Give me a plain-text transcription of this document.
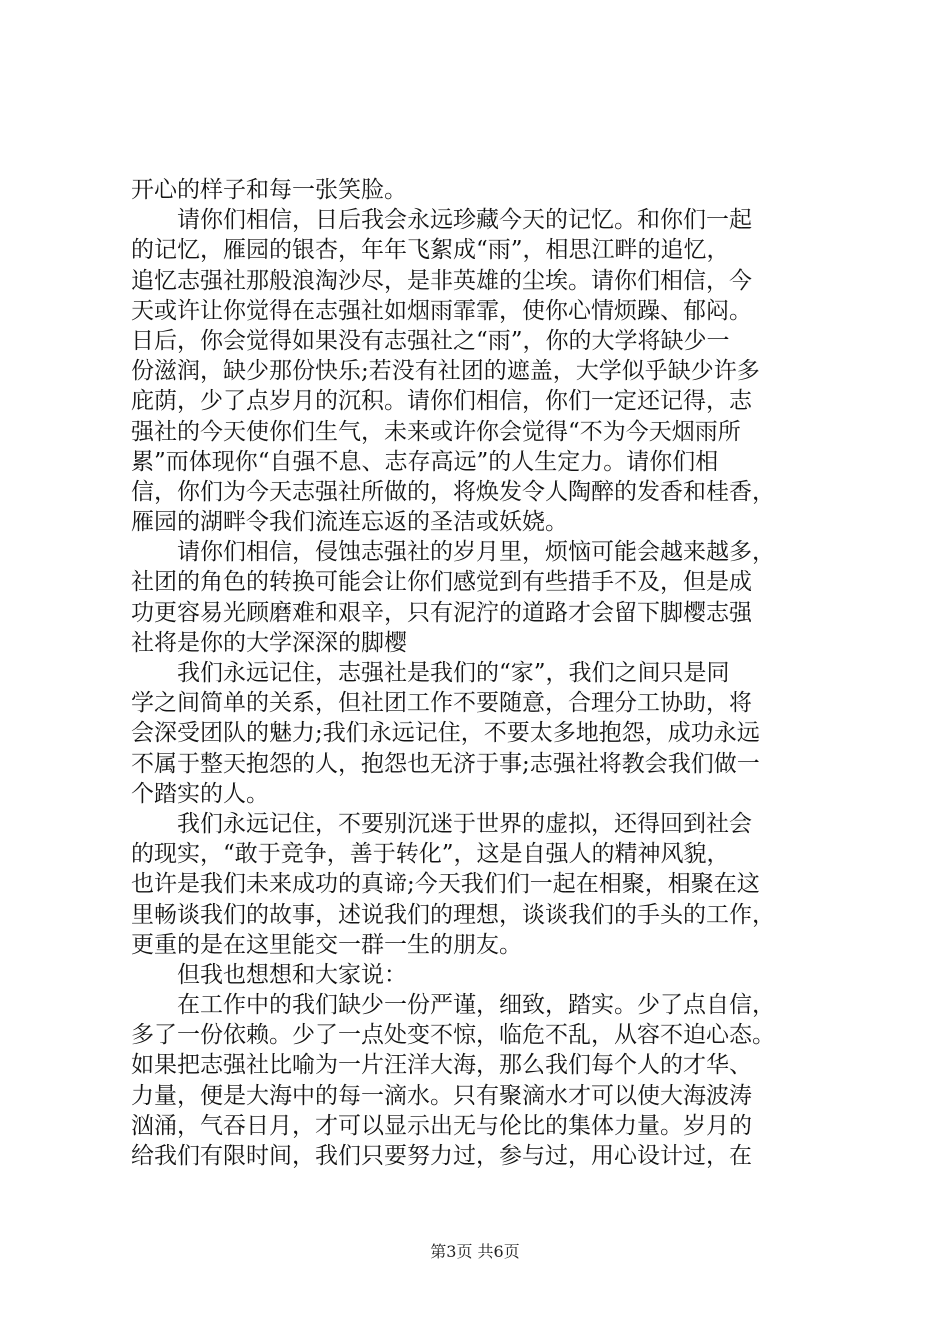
开心的样子和每一张笑脸。
请你们相信，日后我会永远珍藏今天的记忆。和你们一起
的记忆，雁园的银杏，年年飞絮成“雨”，相思江畔的追忆，
追忆志强社那般浪淘沙尽，是非英雄的尘埃。请你们相信，今
天或许让你觉得在志强社如烟雨霏霏，使你心情烦躁、郁闷。
日后，你会觉得如果没有志强社之“雨”，你的大学将缺少一
份滋润，缺少那份快乐;若没有社团的遮盖，大学似乎缺少许多
庇荫，少了点岁月的沉积。请你们相信，你们一定还记得，志
强社的今天使你们生气，未来或许你会觉得“不为今天烟雨所
累”而体现你“自强不息、志存高远”的人生定力。请你们相
信，你们为今天志强社所做的，将焕发令人陶醉的发香和桂香，
雁园的湖畔令我们流连忘返的圣洁或妖娆。
请你们相信，侵蚀志强社的岁月里，烦恼可能会越来越多，
社团的角色的转换可能会让你们感觉到有些措手不及，但是成
功更容易光顾磨难和艰辛，只有泥泞的道路才会留下脚樱志强
社将是你的大学深深的脚樱
我们永远记住，志强社是我们的“家”，我们之间只是同
学之间简单的关系，但社团工作不要随意，合理分工协助，将
会深受团队的魅力;我们永远记住，不要太多地抱怨，成功永远
不属于整天抱怨的人，抱怨也无济于事;志强社将教会我们做一
个踏实的人。
我们永远记住，不要别沉迷于世界的虚拟，还得回到社会
的现实，“敢于竞争，善于转化”，这是自强人的精神风貌，
也许是我们未来成功的真谛;今天我们们一起在相聚，相聚在这
里畅谈我们的故事，述说我们的理想，谈谈我们的手头的工作，
更重的是在这里能交一群一生的朋友。
但我也想想和大家说：
在工作中的我们缺少一份严谨，细致，踏实。少了点自信，
多了一份依赖。少了一点处变不惊，临危不乱，从容不迫心态。
如果把志强社比喻为一片汪洋大海，那么我们每个人的才华、
力量，便是大海中的每一滴水。只有聚滴水才可以使大海波涛
汹涌，气吞日月，才可以显示出无与伦比的集体力量。岁月的
给我们有限时间，我们只要努力过，参与过，用心设计过，在
第3页 共6页
